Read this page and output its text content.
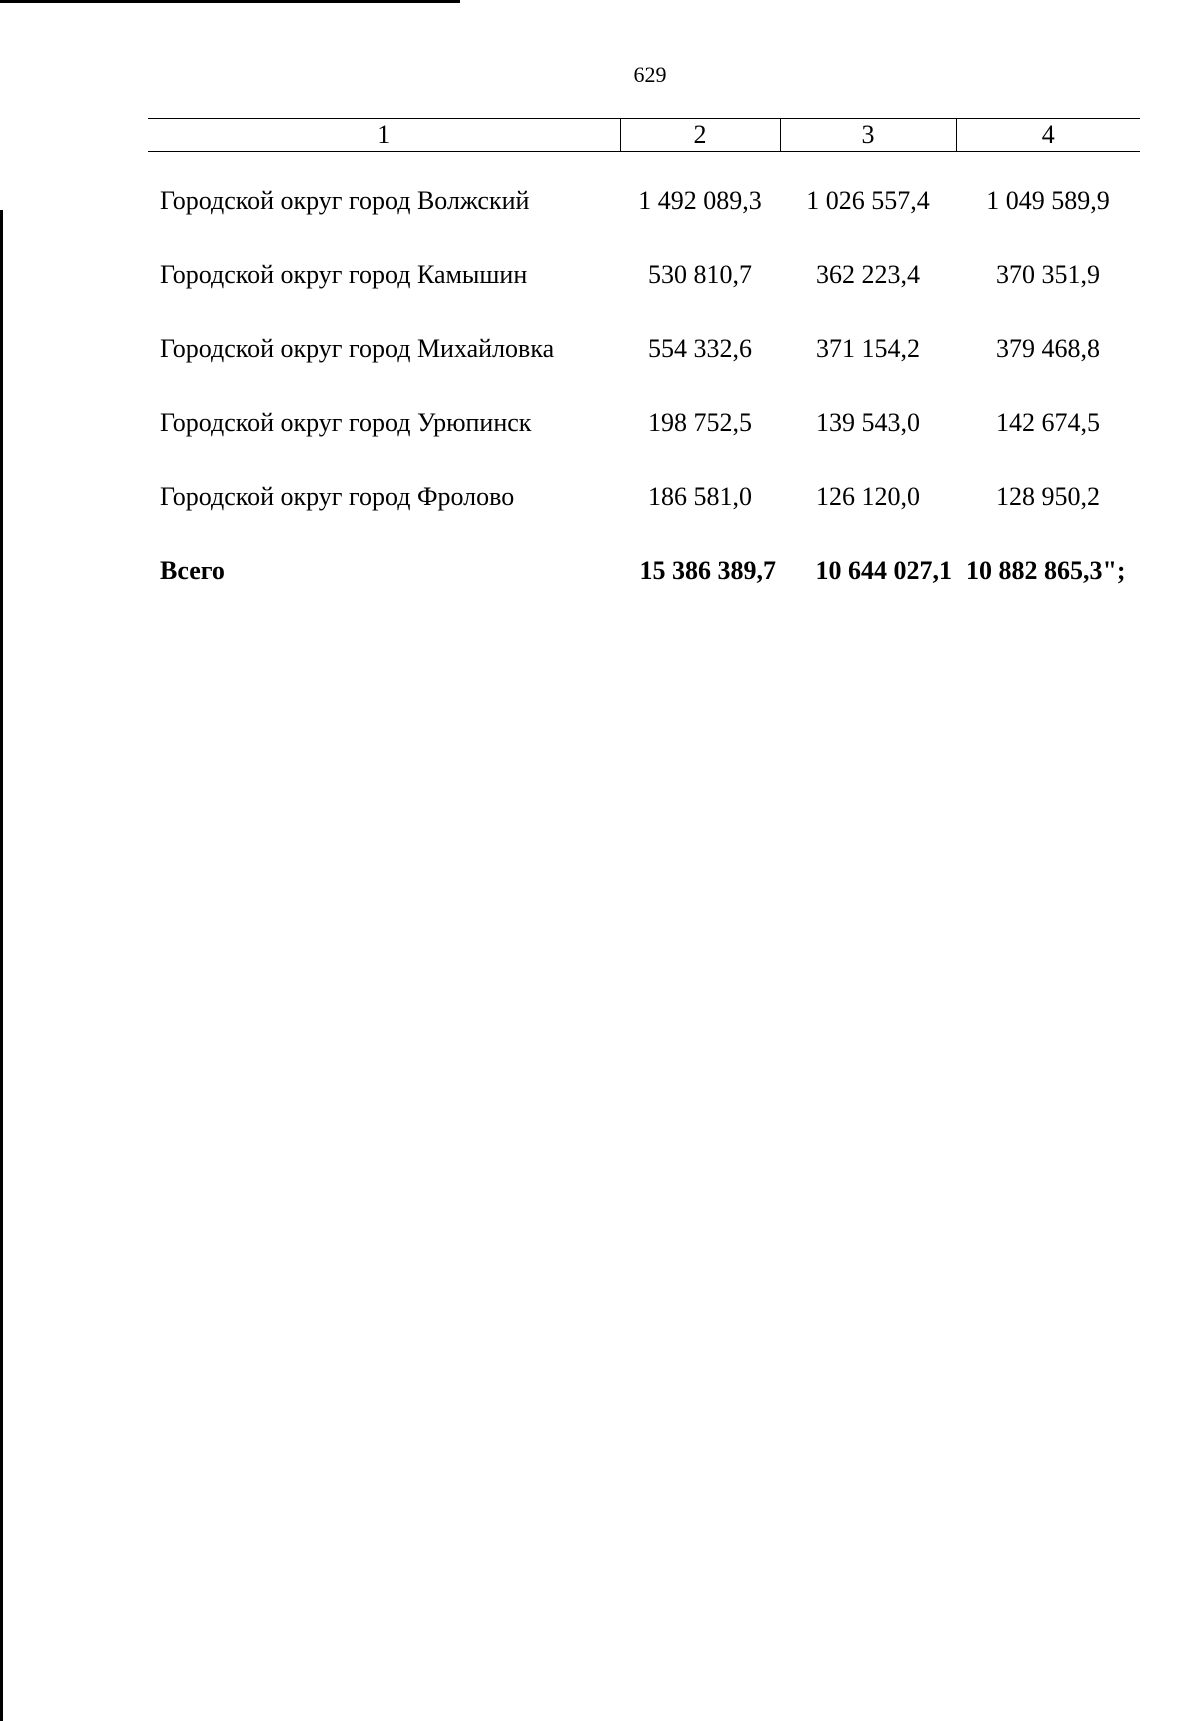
629
1	2	3	4
Городской округ город Волжский	1 492 089,3	1 026 557,4	1 049 589,9
Городской округ город Камышин	530 810,7	362 223,4	370 351,9
Городской округ город Михайловка	554 332,6	371 154,2	379 468,8
Городской округ город Урюпинск	198 752,5	139 543,0	142 674,5
Городской округ город Фролово	186 581,0	126 120,0	128 950,2
Всего	15 386 389,7	10 644 027,1	10 882 865,3";
